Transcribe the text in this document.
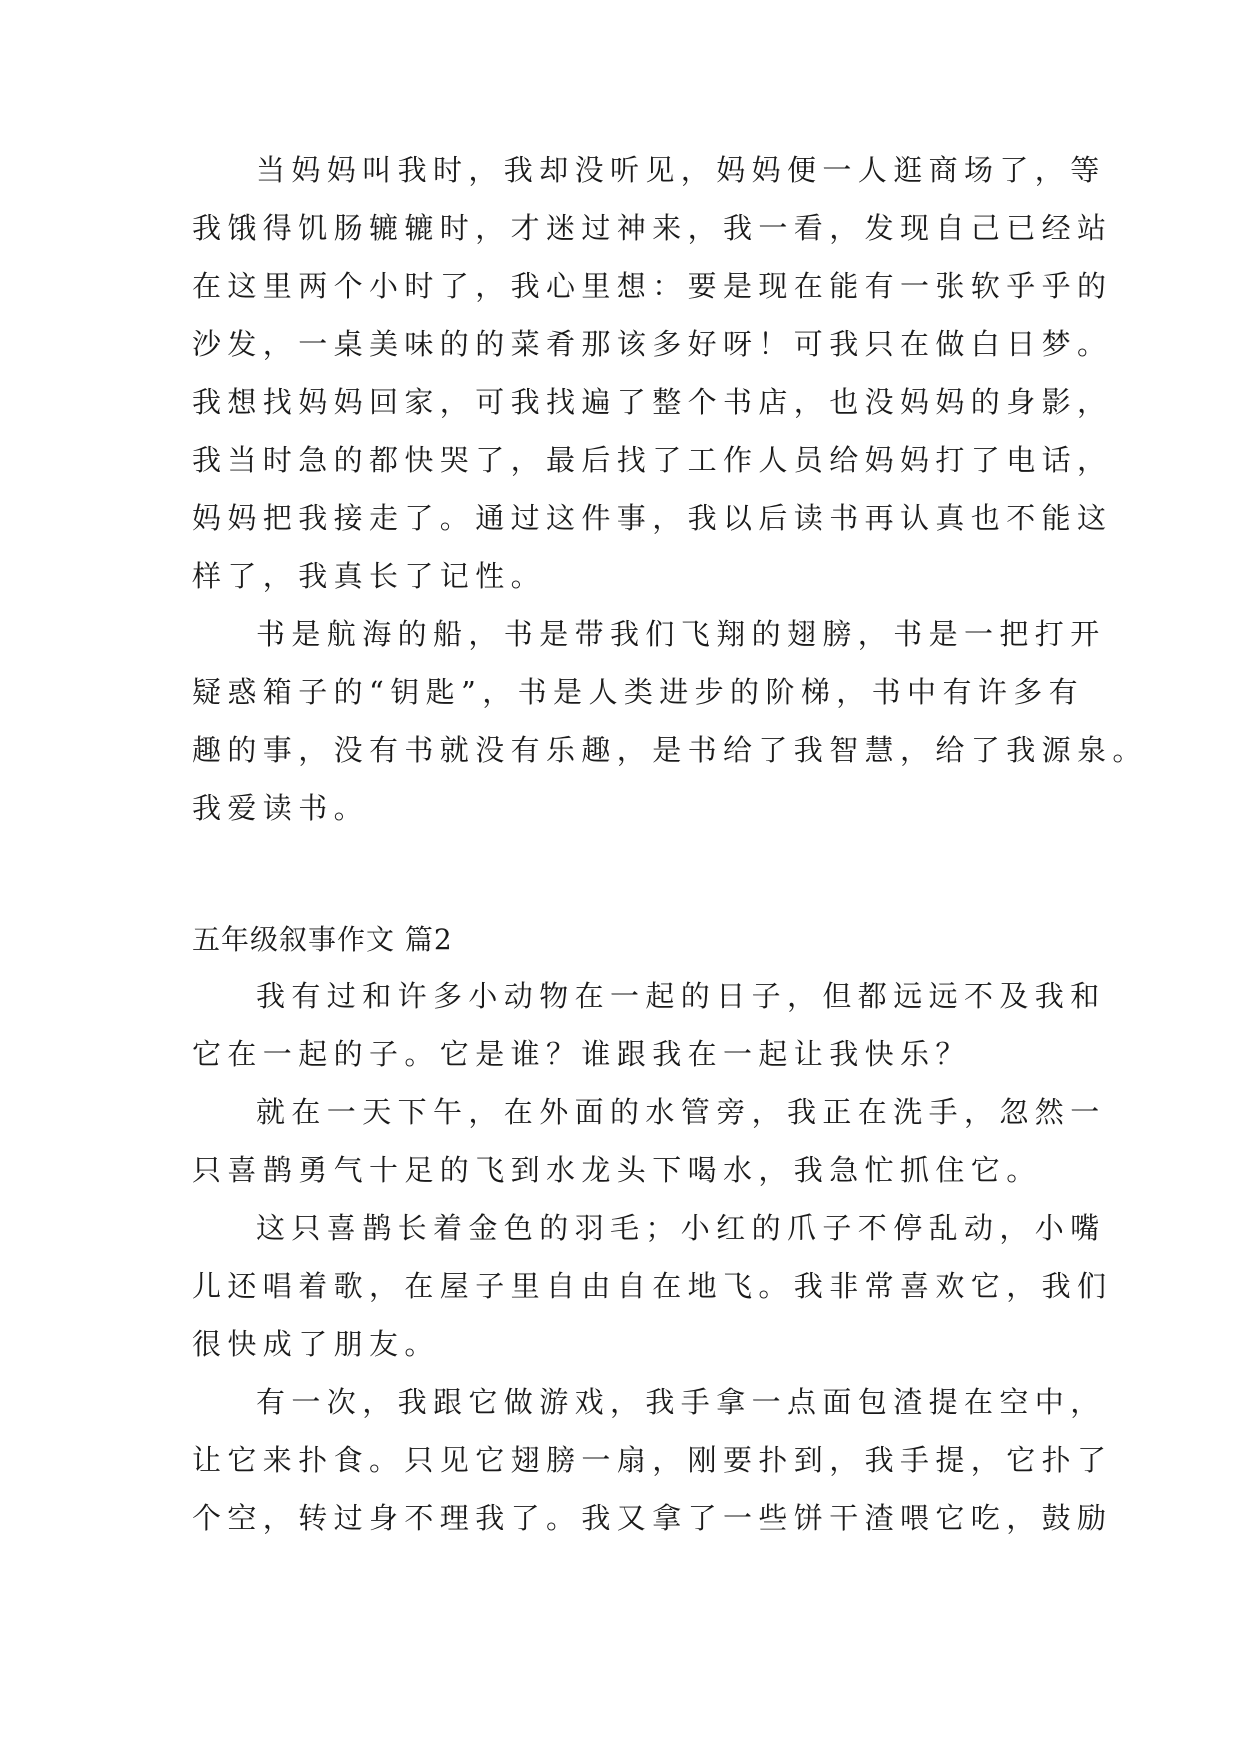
当妈妈叫我时，我却没听见，妈妈便一人逛商场了，等
我饿得饥肠辘辘时，才迷过神来，我一看，发现自己已经站
在这里两个小时了，我心里想：要是现在能有一张软乎乎的
沙发，一桌美味的的菜肴那该多好呀！可我只在做白日梦。
我想找妈妈回家，可我找遍了整个书店，也没妈妈的身影，
我当时急的都快哭了，最后找了工作人员给妈妈打了电话，
妈妈把我接走了。通过这件事，我以后读书再认真也不能这
样了，我真长了记性。
书是航海的船，书是带我们飞翔的翅膀，书是一把打开
疑惑箱子的“钥匙”，书是人类进步的阶梯，书中有许多有
趣的事，没有书就没有乐趣，是书给了我智慧，给了我源泉。
我爱读书。
五年级叙事作文 篇2
我有过和许多小动物在一起的日子，但都远远不及我和
它在一起的子。它是谁？谁跟我在一起让我快乐？
就在一天下午，在外面的水管旁，我正在洗手，忽然一
只喜鹊勇气十足的飞到水龙头下喝水，我急忙抓住它。
这只喜鹊长着金色的羽毛；小红的爪子不停乱动，小嘴
儿还唱着歌，在屋子里自由自在地飞。我非常喜欢它，我们
很快成了朋友。
有一次，我跟它做游戏，我手拿一点面包渣提在空中，
让它来扑食。只见它翅膀一扇，刚要扑到，我手提，它扑了
个空，转过身不理我了。我又拿了一些饼干渣喂它吃，鼓励
